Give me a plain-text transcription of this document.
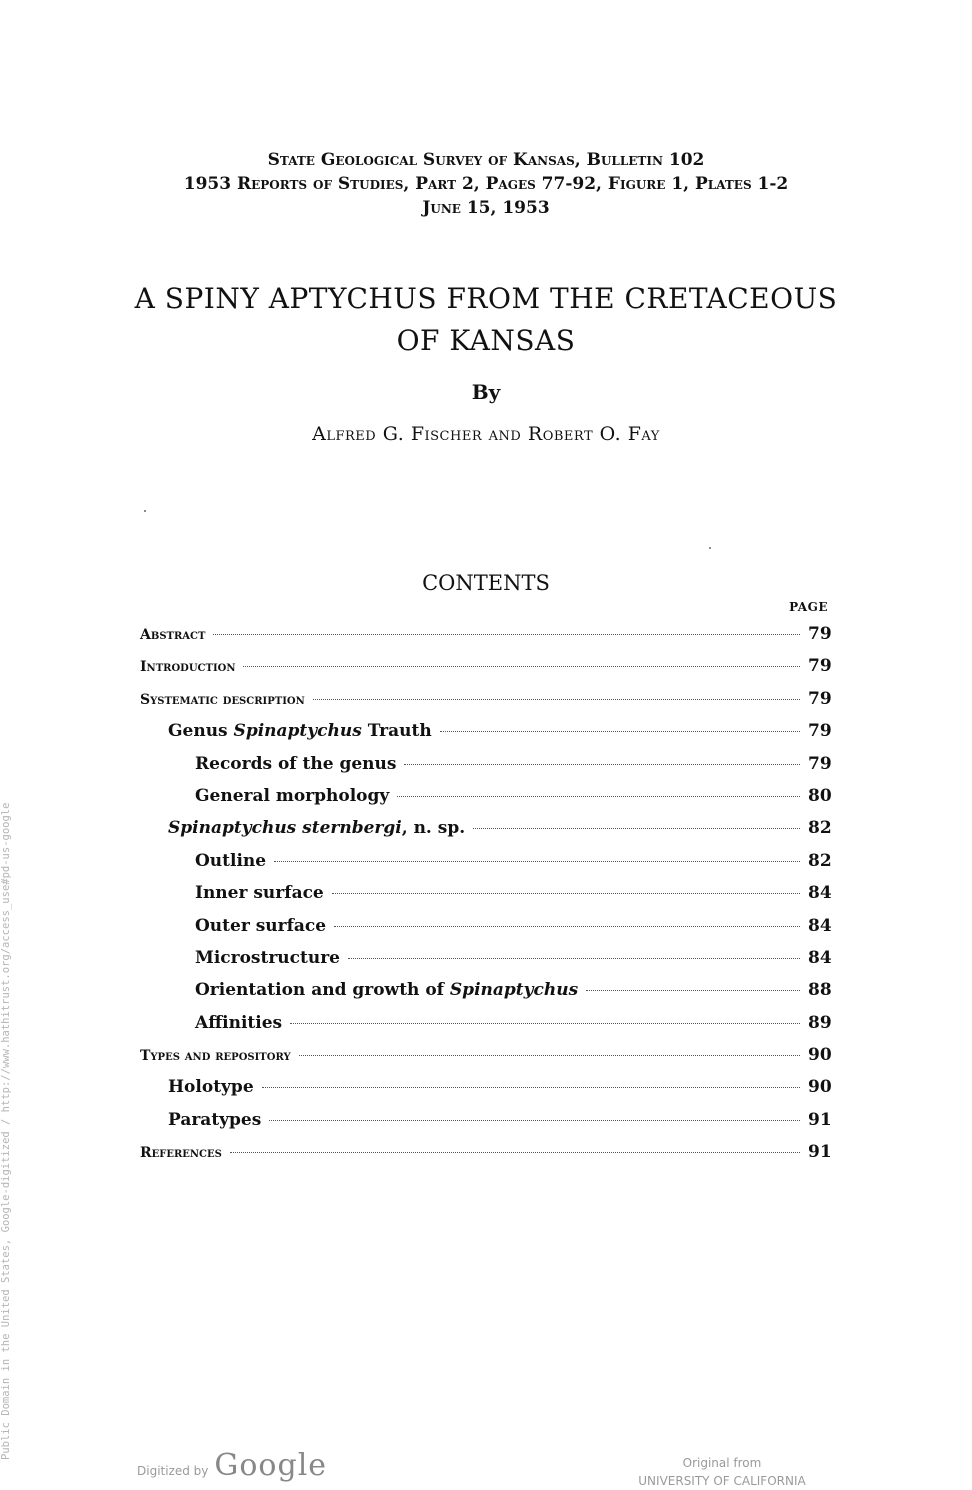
State Geological Survey of Kansas, Bulletin 102
1953 Reports of Studies, Part 2, Pages 77-92, Figure 1, Plates 1-2
June 15, 1953
A SPINY APTYCHUS FROM THE CRETACEOUS
OF KANSAS
By
Alfred G. Fischer and Robert O. Fay
CONTENTS
PAGE
Abstract	79
Introduction	79
Systematic description	79
Genus Spinaptychus Trauth	79
Records of the genus	79
General morphology	80
Spinaptychus sternbergi, n. sp.	82
Outline	82
Inner surface	84
Outer surface	84
Microstructure	84
Orientation and growth of Spinaptychus	88
Affinities	89
Types and repository	90
Holotype	90
Paratypes	91
References	91
Public Domain in the United States, Google-digitized / http://www.hathitrust.org/access_use#pd-us-google
Digitized by Google	Original from
UNIVERSITY OF CALIFORNIA
